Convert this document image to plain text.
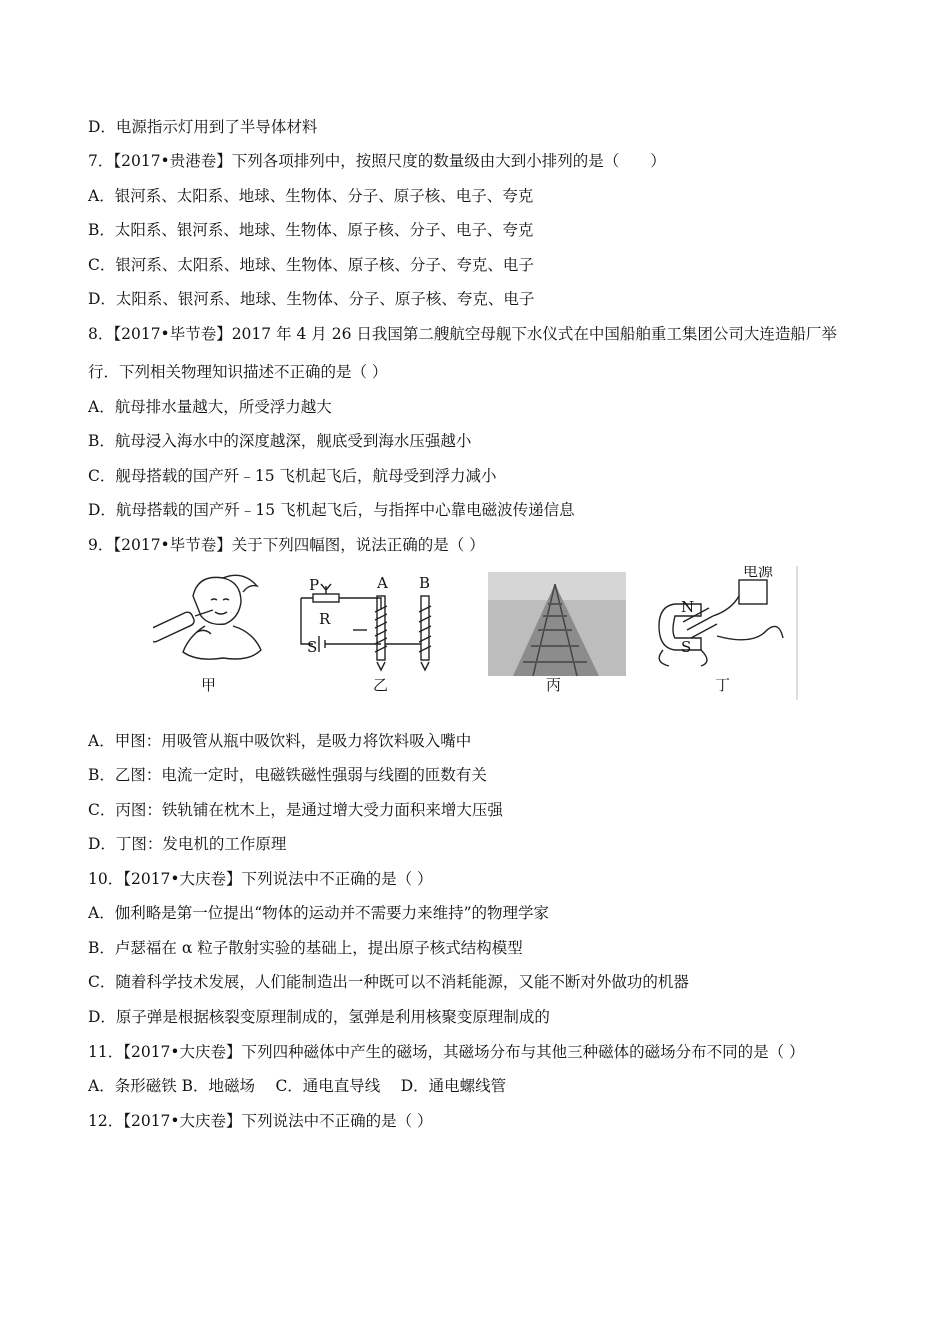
D．电源指示灯用到了半导体材料
7．【2017•贵港卷】下列各项排列中，按照尺度的数量级由大到小排列的是（　　）
A．银河系、太阳系、地球、生物体、分子、原子核、电子、夸克
B．太阳系、银河系、地球、生物体、原子核、分子、电子、夸克
C．银河系、太阳系、地球、生物体、原子核、分子、夸克、电子
D．太阳系、银河系、地球、生物体、分子、原子核、夸克、电子
8．【2017•毕节卷】2017 年 4 月 26 日我国第二艘航空母舰下水仪式在中国船舶重工集团公司大连造船厂举
行．下列相关物理知识描述不正确的是（ ）
A．航母排水量越大，所受浮力越大
B．航母浸入海水中的深度越深，舰底受到海水压强越小
C．舰母搭载的国产歼﹣15 飞机起飞后，航母受到浮力减小
D．航母搭载的国产歼﹣15 飞机起飞后，与指挥中心靠电磁波传递信息
9．【2017•毕节卷】关于下列四幅图，说法正确的是（ ）
P
R
S
A B
N
S
电源
甲	乙	丙	丁
A．甲图：用吸管从瓶中吸饮料，是吸力将饮料吸入嘴中
B．乙图：电流一定时，电磁铁磁性强弱与线圈的匝数有关
C．丙图：铁轨铺在枕木上，是通过增大受力面积来增大压强
D．丁图：发电机的工作原理
10．【2017•大庆卷】下列说法中不正确的是（ ）
A．伽利略是第一位提出“物体的运动并不需要力来维持”的物理学家
B．卢瑟福在 α 粒子散射实验的基础上，提出原子核式结构模型
C．随着科学技术发展，人们能制造出一种既可以不消耗能源，又能不断对外做功的机器
D．原子弹是根据核裂变原理制成的，氢弹是利用核聚变原理制成的
11．【2017•大庆卷】下列四种磁体中产生的磁场，其磁场分布与其他三种磁体的磁场分布不同的是（ ）
A．条形磁铁 B．地磁场　 C．通电直导线　 D．通电螺线管
12．【2017•大庆卷】下列说法中不正确的是（ ）
